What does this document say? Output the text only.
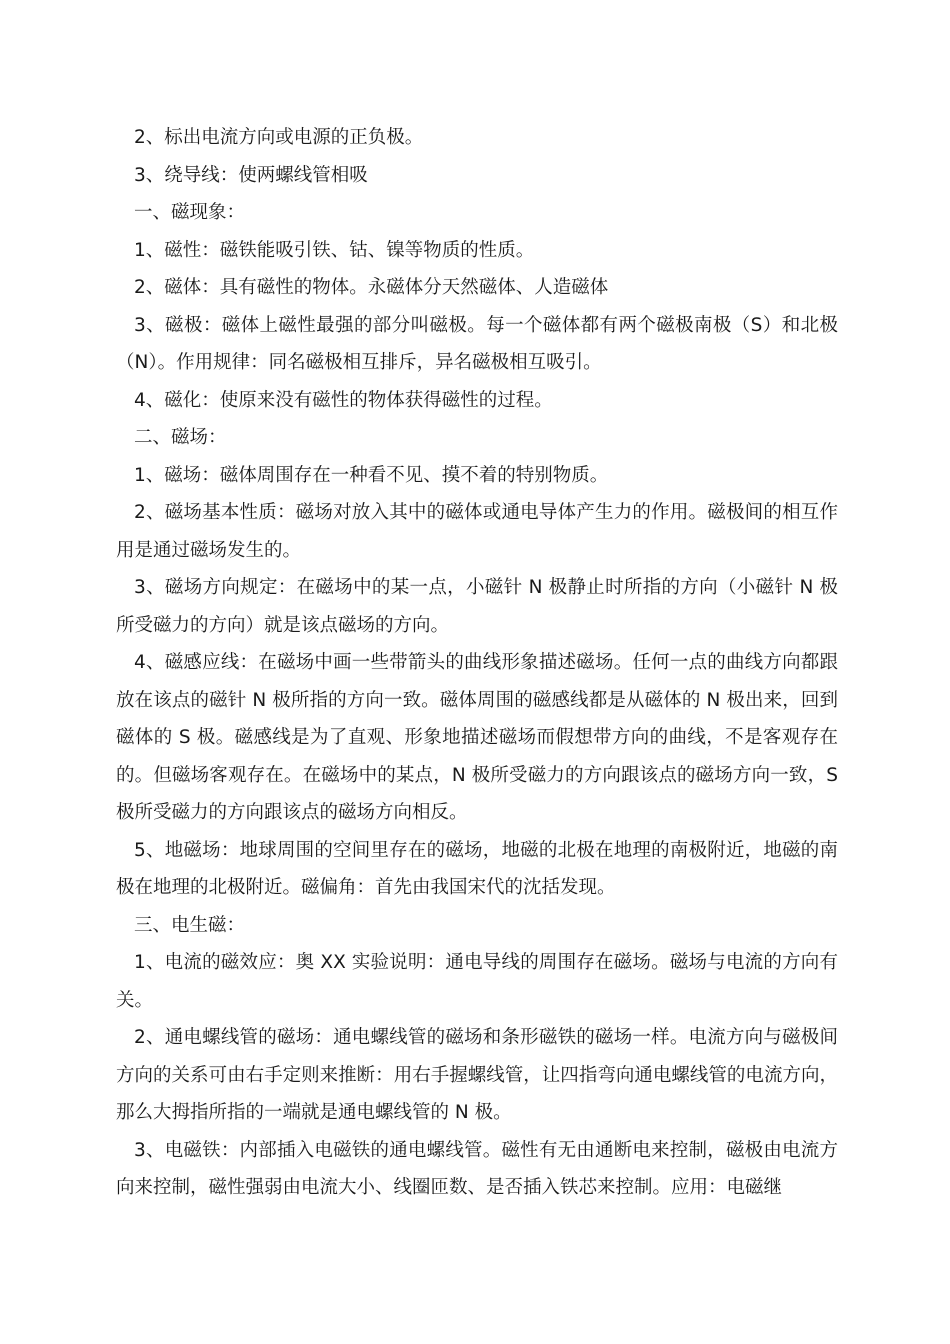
2、标出电流方向或电源的正负极。

3、绕导线：使两螺线管相吸

一、磁现象：

1、磁性：磁铁能吸引铁、钴、镍等物质的性质。

2、磁体：具有磁性的物体。永磁体分天然磁体、人造磁体

3、磁极：磁体上磁性最强的部分叫磁极。每一个磁体都有两个磁极南极（S）和北极（N）。作用规律：同名磁极相互排斥，异名磁极相互吸引。

4、磁化：使原来没有磁性的物体获得磁性的过程。

二、磁场：

1、磁场：磁体周围存在一种看不见、摸不着的特别物质。

2、磁场基本性质：磁场对放入其中的磁体或通电导体产生力的作用。磁极间的相互作用是通过磁场发生的。

3、磁场方向规定：在磁场中的某一点，小磁针 N 极静止时所指的方向（小磁针 N 极所受磁力的方向）就是该点磁场的方向。

4、磁感应线：在磁场中画一些带箭头的曲线形象描述磁场。任何一点的曲线方向都跟放在该点的磁针 N 极所指的方向一致。磁体周围的磁感线都是从磁体的 N 极出来，回到磁体的 S 极。磁感线是为了直观、形象地描述磁场而假想带方向的曲线，不是客观存在的。但磁场客观存在。在磁场中的某点，N 极所受磁力的方向跟该点的磁场方向一致，S 极所受磁力的方向跟该点的磁场方向相反。

5、地磁场：地球周围的空间里存在的磁场，地磁的北极在地理的南极附近，地磁的南极在地理的北极附近。磁偏角：首先由我国宋代的沈括发现。

三、电生磁：

1、电流的磁效应：奥 XX 实验说明：通电导线的周围存在磁场。磁场与电流的方向有关。

2、通电螺线管的磁场：通电螺线管的磁场和条形磁铁的磁场一样。电流方向与磁极间方向的关系可由右手定则来推断：用右手握螺线管，让四指弯向通电螺线管的电流方向，那么大拇指所指的一端就是通电螺线管的 N 极。

3、电磁铁：内部插入电磁铁的通电螺线管。磁性有无由通断电来控制，磁极由电流方向来控制，磁性强弱由电流大小、线圈匝数、是否插入铁芯来控制。应用：电磁继
